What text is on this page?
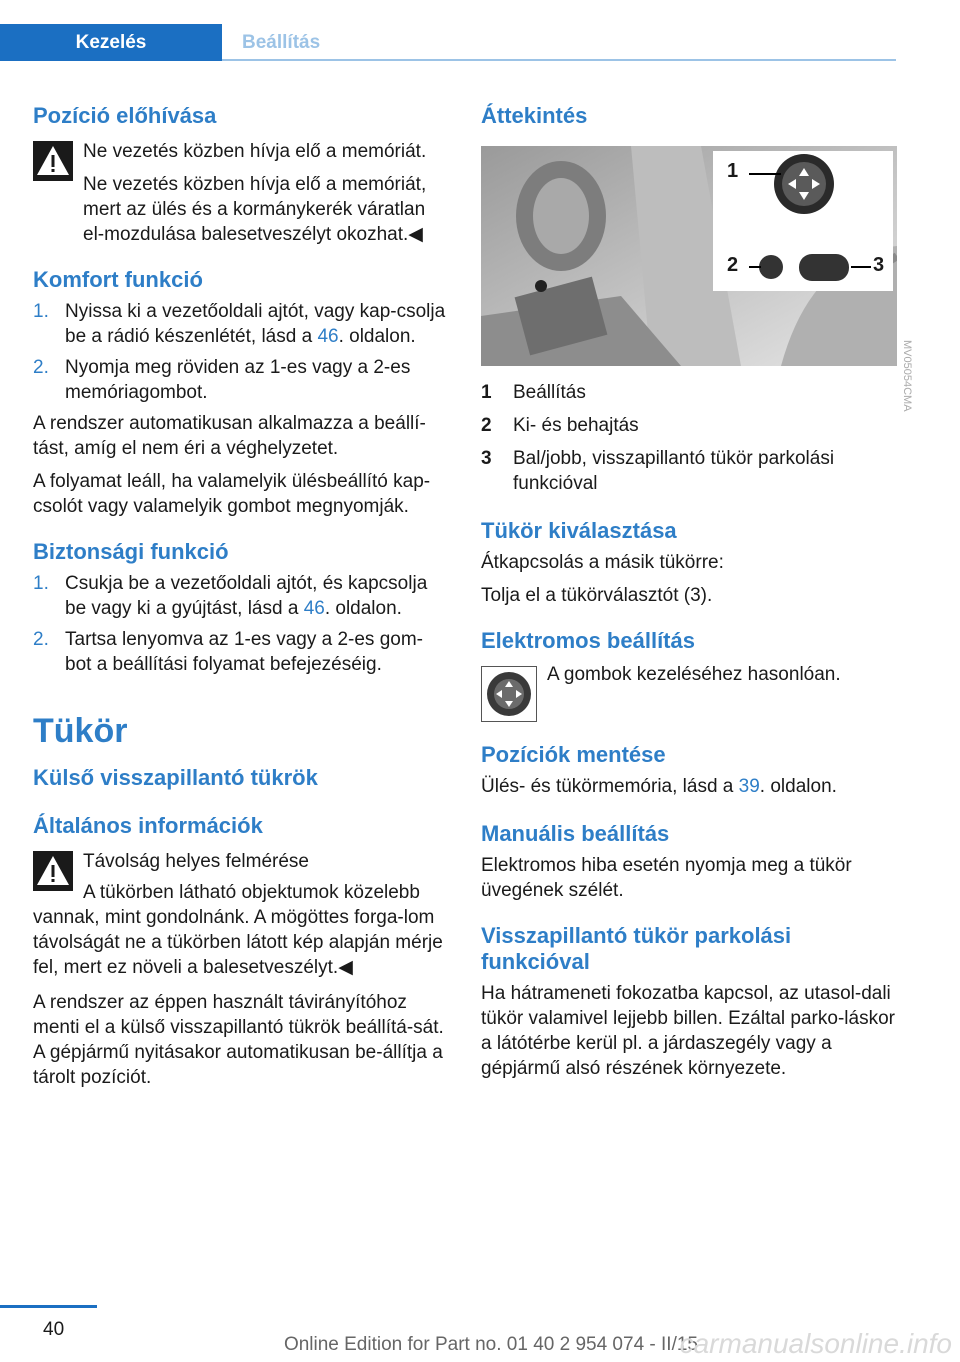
Kezelés	Beállítás
Pozíció előhívása

Ne vezetés közben hívja elő a memóriát.

Ne vezetés közben hívja elő a memóriát, mert az ülés és a kormánykerék váratlan el‐mozdulása balesetveszélyt okozhat.◀

Komfort funkció
1. Nyissa ki a vezetőoldali ajtót, vagy kap‐csolja be a rádió készenlétét, lásd a 46. oldalon.
2. Nyomja meg röviden az 1-es vagy a 2-es memóriagombot.

A rendszer automatikusan alkalmazza a beállí‐tást, amíg el nem éri a véghelyzetet.

A folyamat leáll, ha valamelyik ülésbeállító kap‐csolót vagy valamelyik gombot megnyomják.

Biztonsági funkció
1. Csukja be a vezetőoldali ajtót, és kapcsolja be vagy ki a gyújtást, lásd a 46. oldalon.
2. Tartsa lenyomva az 1-es vagy a 2-es gom‐bot a beállítási folyamat befejezéséig.
Tükör
Külső visszapillantó tükrök
Általános információk

Távolság helyes felmérése

A tükörben látható objektumok közelebb vannak, mint gondolnánk. A mögöttes forga‐lom távolságát ne a tükörben látott kép alapján mérje fel, mert ez növeli a balesetveszélyt.◀

A rendszer az éppen használt távirányítóhoz menti el a külső visszapillantó tükrök beállítá‐sát. A gépjármű nyitásakor automatikusan be‐állítja a tárolt pozíciót.

Áttekintés
1
2	3
MV05054CMA
1 Beállítás
2 Ki- és behajtás
3 Bal/jobb, visszapillantó tükör parkolási funkcióval
Tükör kiválasztása

Átkapcsolás a másik tükörre:

Tolja el a tükörválasztót (3).

Elektromos beállítás

A gombok kezeléséhez hasonlóan.

Pozíciók mentése

Ülés- és tükörmemória, lásd a 39. oldalon.

Manuális beállítás

Elektromos hiba esetén nyomja meg a tükör üvegének szélét.

Visszapillantó tükör parkolási funkcióval

Ha hátrameneti fokozatba kapcsol, az utasol‐dali tükör valamivel lejjebb billen. Ezáltal parko‐láskor a látótérbe kerül pl. a járdaszegély vagy a gépjármű alsó részének környezete.

40
Online Edition for Part no. 01 40 2 954 074 - II/15
carmanualsonline.info
